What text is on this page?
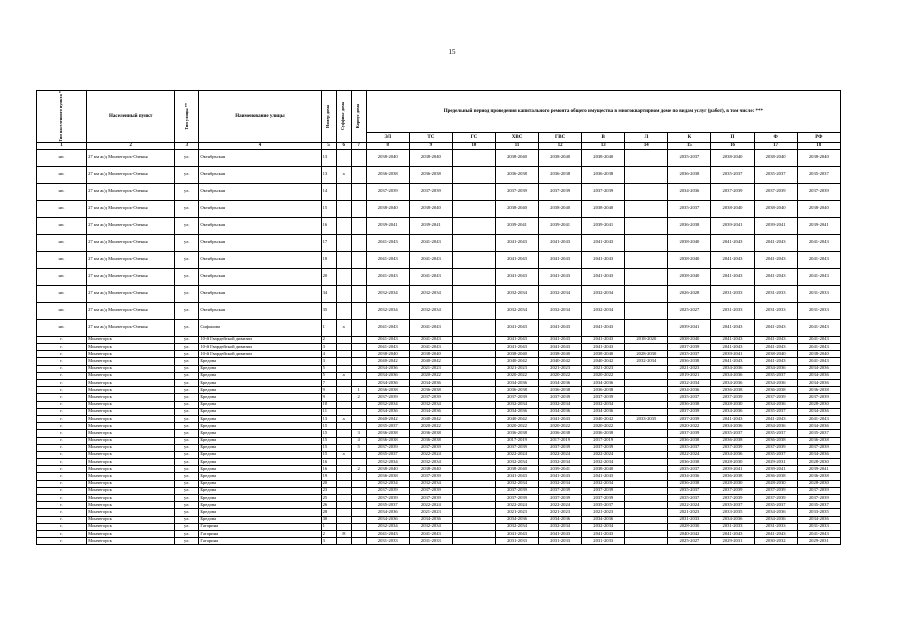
15
Тип населенного пункта *	Населенный пункт	Тип улицы **	Наименование улицы	Номер дома	Суффикс дома	Корпус дома	Предельный период проведения капитального ремонта общего имущества в многоквартирном доме по видам услуг (работ), в том числе: ***										
							ЭЛ	ТС	ГС	ХВС	ГВС	В	Л	К	П	Ф	РФ
1	2	3	4	5	6	7	8	9	10	11	12	13	14	15	16	17	18
нп.	27 км ж/д Мончегорск-Оленья	ул.	Октябрьская	13			2038-2040	2038-2040		2038-2040	2038-2040	2038-2040		2035-2037	2038-2040	2038-2040	2038-2040
нп.	27 км ж/д Мончегорск-Оленья	ул.	Октябрьская	13	а		2036-2038	2036-2038		2036-2038	2036-2038	2036-2038		2036-2038	2035-2037	2035-2037	2035-2037
нп.	27 км ж/д Мончегорск-Оленья	ул.	Октябрьская	14			2037-2039	2037-2039		2037-2039	2037-2039	2037-2039		2034-2036	2037-2039	2037-2039	2037-2039
нп.	27 км ж/д Мончегорск-Оленья	ул.	Октябрьская	15			2038-2040	2038-2040		2038-2040	2038-2040	2038-2040		2035-2037	2038-2040	2038-2040	2038-2040
нп.	27 км ж/д Мончегорск-Оленья	ул.	Октябрьская	16			2039-2041	2039-2041		2039-2041	2039-2041	2039-2041		2036-2038	2039-2041	2039-2041	2039-2041
нп.	27 км ж/д Мончегорск-Оленья	ул.	Октябрьская	17			2041-2043	2041-2043		2041-2043	2041-2043	2041-2043		2038-2040	2041-2043	2041-2043	2041-2043
нп.	27 км ж/д Мончегорск-Оленья	ул.	Октябрьская	18			2041-2043	2041-2043		2041-2043	2041-2043	2041-2043		2038-2040	2041-2043	2041-2043	2041-2043
нп.	27 км ж/д Мончегорск-Оленья	ул.	Октябрьская	20			2041-2043	2041-2043		2041-2043	2041-2043	2041-2043		2038-2040	2041-2043	2041-2043	2041-2043
нп.	27 км ж/д Мончегорск-Оленья	ул.	Октябрьская	34			2032-2034	2032-2034		2032-2034	2032-2034	2032-2034		2026-2028	2031-2033	2031-2033	2031-2033
нп.	27 км ж/д Мончегорск-Оленья	ул.	Октябрьская	35			2032-2034	2032-2034		2032-2034	2032-2034	2032-2034		2025-2027	2031-2033	2031-2033	2031-2033
нп.	27 км ж/д Мончегорск-Оленья	ул.	Сифонова	1	а		2041-2043	2041-2043		2041-2043	2041-2043	2041-2043		2039-2041	2041-2043	2041-2043	2041-2043
г.	Мончегорск	ул.	10-й Гвардейской дивизии	2			2041-2043	2041-2043		2041-2043	2041-2043	2041-2043	2018-2020	2038-2040	2041-2043	2041-2043	2041-2043
г.	Мончегорск	ул.	10-й Гвардейской дивизии	3			2041-2043	2041-2043		2041-2043	2041-2043	2041-2043		2037-2039	2041-2043	2041-2043	2041-2043
г.	Мончегорск	ул.	10-й Гвардейской дивизии	4			2038-2040	2038-2040		2038-2040	2038-2040	2038-2040	2028-2030	2035-2037	2039-2041	2038-2040	2038-2040
г.	Мончегорск	ул.	Бредова	3			2040-2042	2040-2042		2040-2042	2040-2042	2040-2042	2032-2034	2036-2038	2041-2043	2041-2043	2041-2043
г.	Мончегорск	ул.	Бредова	5			2034-2036	2021-2023		2021-2023	2021-2023	2021-2023		2021-2023	2034-2036	2034-2036	2034-2036
г.	Мончегорск	ул.	Бредова	5	а		2034-2036	2020-2022		2020-2022	2020-2022	2020-2022		2019-2021	2034-2036	2035-2037	2034-2036
г.	Мончегорск	ул.	Бредова	7			2034-2036	2034-2036		2034-2036	2034-2036	2034-2036		2032-2034	2034-2036	2034-2036	2034-2036
г.	Мончегорск	ул.	Бредова	9		1	2036-2038	2036-2038		2036-2038	2036-2038	2036-2038		2034-2036	2036-2038	2036-2038	2036-2038
г.	Мончегорск	ул.	Бредова	9		2	2037-2039	2037-2039		2037-2039	2037-2039	2037-2039		2035-2037	2037-2039	2037-2039	2037-2039
г.	Мончегорск	ул.	Бредова	10			2032-2034	2032-2034		2032-2034	2032-2034	2032-2034		2036-2038	2028-2030	2034-2036	2028-2030
г.	Мончегорск	ул.	Бредова	11			2034-2036	2034-2036		2034-2036	2034-2036	2034-2036		2037-2039	2034-2036	2035-2037	2034-2036
г.	Мончегорск	ул.	Бредова	13	а		2040-2042	2040-2042		2040-2042	2041-2043	2040-2042	2033-2035	2037-2039	2041-2043	2041-2043	2041-2043
г.	Мончегорск	ул.	Бредова	15			2035-2037	2020-2022		2020-2022	2020-2022	2020-2022		2020-2022	2034-2036	2034-2036	2034-2036
г.	Мончегорск	ул.	Бредова	15		3	2036-2038	2036-2038		2036-2038	2036-2038	2036-2038		2037-2039	2035-2037	2035-2037	2035-2037
г.	Мончегорск	ул.	Бредова	15		4	2036-2038	2036-2038		2017-2019	2017-2019	2017-2019		2036-2038	2036-2038	2036-2038	2036-2038
г.	Мончегорск	ул.	Бредова	15		5	2037-2039	2037-2039		2037-2039	2037-2039	2037-2039		2035-2037	2037-2039	2037-2039	2037-2039
г.	Мончегорск	ул.	Бредова	15	а		2035-2037	2022-2024		2022-2024	2022-2024	2022-2024		2022-2024	2034-2036	2035-2037	2034-2036
г.	Мончегорск	ул.	Бредова	16			2032-2034	2032-2034		2032-2034	2032-2034	2032-2034		2036-2038	2028-2030	2029-2031	2028-2030
г.	Мончегорск	ул.	Бредова	16		2	2038-2040	2038-2040		2038-2040	2039-2041	2038-2040		2035-2037	2039-2041	2039-2041	2039-2041
г.	Мончегорск	ул.	Бредова	19			2036-2038	2037-2039		2041-2043	2041-2043	2041-2043		2034-2036	2036-2038	2036-2038	2036-2038
г.	Мончегорск	ул.	Бредова	20			2032-2034	2032-2034		2032-2034	2032-2034	2032-2034		2036-2038	2028-2030	2028-2030	2028-2030
г.	Мончегорск	ул.	Бредова	23			2037-2039	2037-2039		2037-2039	2037-2039	2037-2039		2035-2037	2037-2039	2037-2039	2037-2039
г.	Мончегорск	ул.	Бредова	25			2037-2039	2037-2039		2037-2039	2037-2039	2037-2039		2035-2037	2037-2039	2037-2039	2037-2039
г.	Мончегорск	ул.	Бредова	26			2035-2037	2022-2024		2022-2024	2022-2024	2035-2037		2022-2024	2035-2037	2035-2037	2035-2037
г.	Мончегорск	ул.	Бредова	28			2034-2036	2021-2023		2021-2023	2021-2023	2021-2023		2021-2023	2033-2035	2034-2036	2033-2035
г.	Мончегорск	ул.	Бредова	30			2034-2036	2034-2036		2034-2036	2034-2036	2034-2036		2031-2033	2034-2036	2034-2036	2034-2036
г.	Мончегорск	ул.	Гагарина	1			2032-2034	2032-2034		2032-2034	2032-2034	2032-2034		2028-2030	2031-2033	2031-2033	2031-2033
г.	Мончегорск	ул.	Гагарина	2	/8		2041-2043	2041-2043		2041-2043	2041-2043	2041-2043		2040-2042	2041-2043	2041-2043	2041-2043
г.	Мончегорск	ул.	Гагарина	3			2031-2033	2031-2033		2031-2033	2031-2033	2031-2033		2025-2027	2029-2031	2030-2032	2029-2031
